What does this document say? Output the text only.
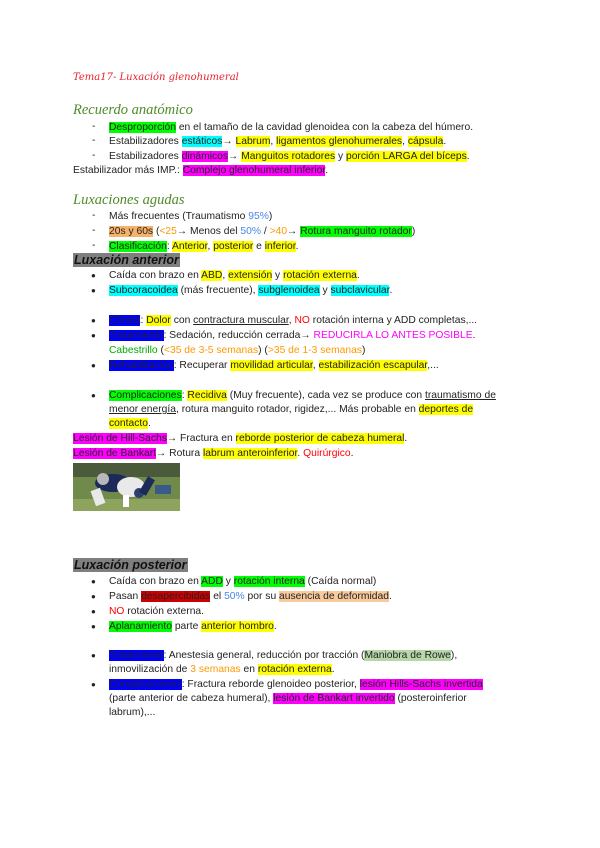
Tema17- Luxación glenohumeral
Recuerdo anatómico
- Desproporción en el tamaño de la cavidad glenoidea con la cabeza del húmero.
- Estabilizadores estáticos→ Labrum, ligamentos glenohumerales, cápsula.
- Estabilizadores dinámicos→ Manguitos rotadores y porción LARGA del bíceps.
Estabilizador más IMP.: Complejo glenohumeral inferior.
Luxaciones agudas
- Más frecuentes (Traumatismo 95%)
- 20s y 60s (<25→ Menos del 50% / >40→ Rotura manguito rotador)
- Clasificación: Anterior, posterior e inferior.
Luxación anterior
● Caída con brazo en ABD, extensión y rotación externa.
● Subcoracoidea (más frecuente), subglenoidea y subclavicular.
● Clínica: Dolor con contractura muscular, NO rotación interna y ADD completas,...
● Tratamiento: Sedación, reducción cerrada→ REDUCIRLA LO ANTES POSIBLE.
Cabestrillo (<35 de 3-5 semanas) (>35 de 1-3 semanas)
● Rehabilitación: Recuperar movilidad articular, estabilización escapular,...
● Complicaciones: Recidiva (Muy frecuente), cada vez se produce con traumatismo de
menor energía, rotura manguito rotador, rigidez,... Más probable en deportes de
contacto.
Lesión de Hill-Sachs→ Fractura en reborde posterior de cabeza humeral.
Lesión de Bankart→ Rotura labrum anteroinferior. Quirúrgico.
Luxación posterior
● Caída con brazo en ADD y rotación interna (Caída normal)
● Pasan desapercibidas el 50% por su ausencia de deformidad.
● NO rotación externa.
● Aplanamiento parte anterior hombro.
● Tratamiento: Anestesia general, reducción por tracción (Maniobra de Rowe),
inmovilización de 3 semanas en rotación externa.
● Complicaciones: Fractura reborde glenoideo posterior, lesión Hills-Sachs invertida
(parte anterior de cabeza humeral), lesión de Bankart invertido (posteroinferior
labrum),...
